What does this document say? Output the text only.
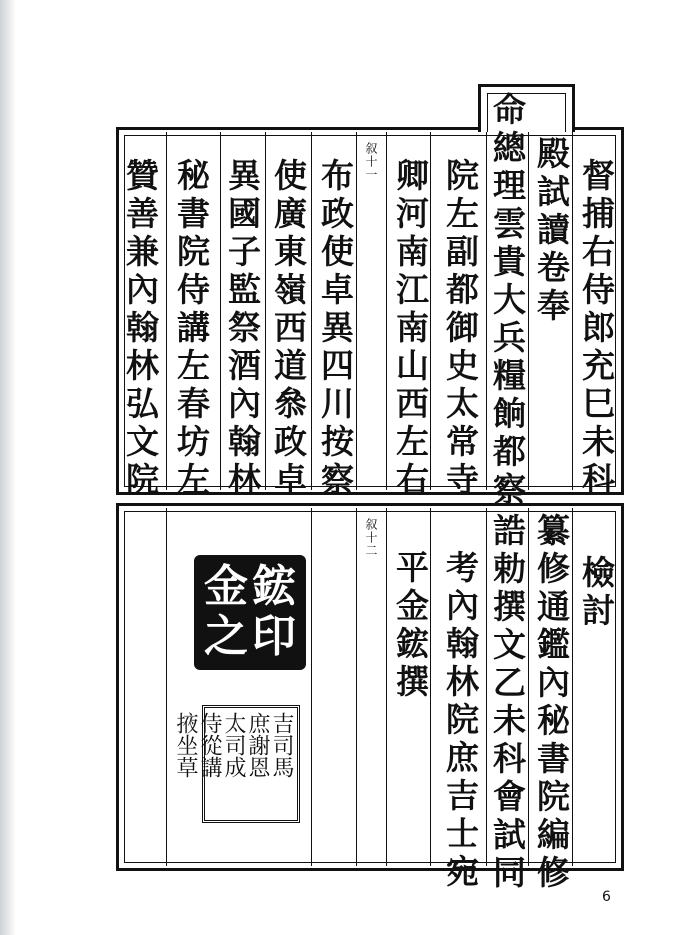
督捕右侍郎充巳未科
殿試讀卷奉
命總理雲貴大兵糧餉都察
院左副都御史太常寺
卿河南江南山西左右
叙十一
布政使卓異四川按察
使廣東嶺西道叅政卓
異國子監祭酒內翰林
秘書院侍講左春坊左
贊善兼內翰林弘文院
檢討
纂修通鑑內秘書院編修
誥勅撰文乙未科會試同
考內翰林院庶吉士宛
平金鋐撰
叙十二
金 鋐
之 印
吉司馬
庶謝恩
太司成
侍從講
掖坐草
6
